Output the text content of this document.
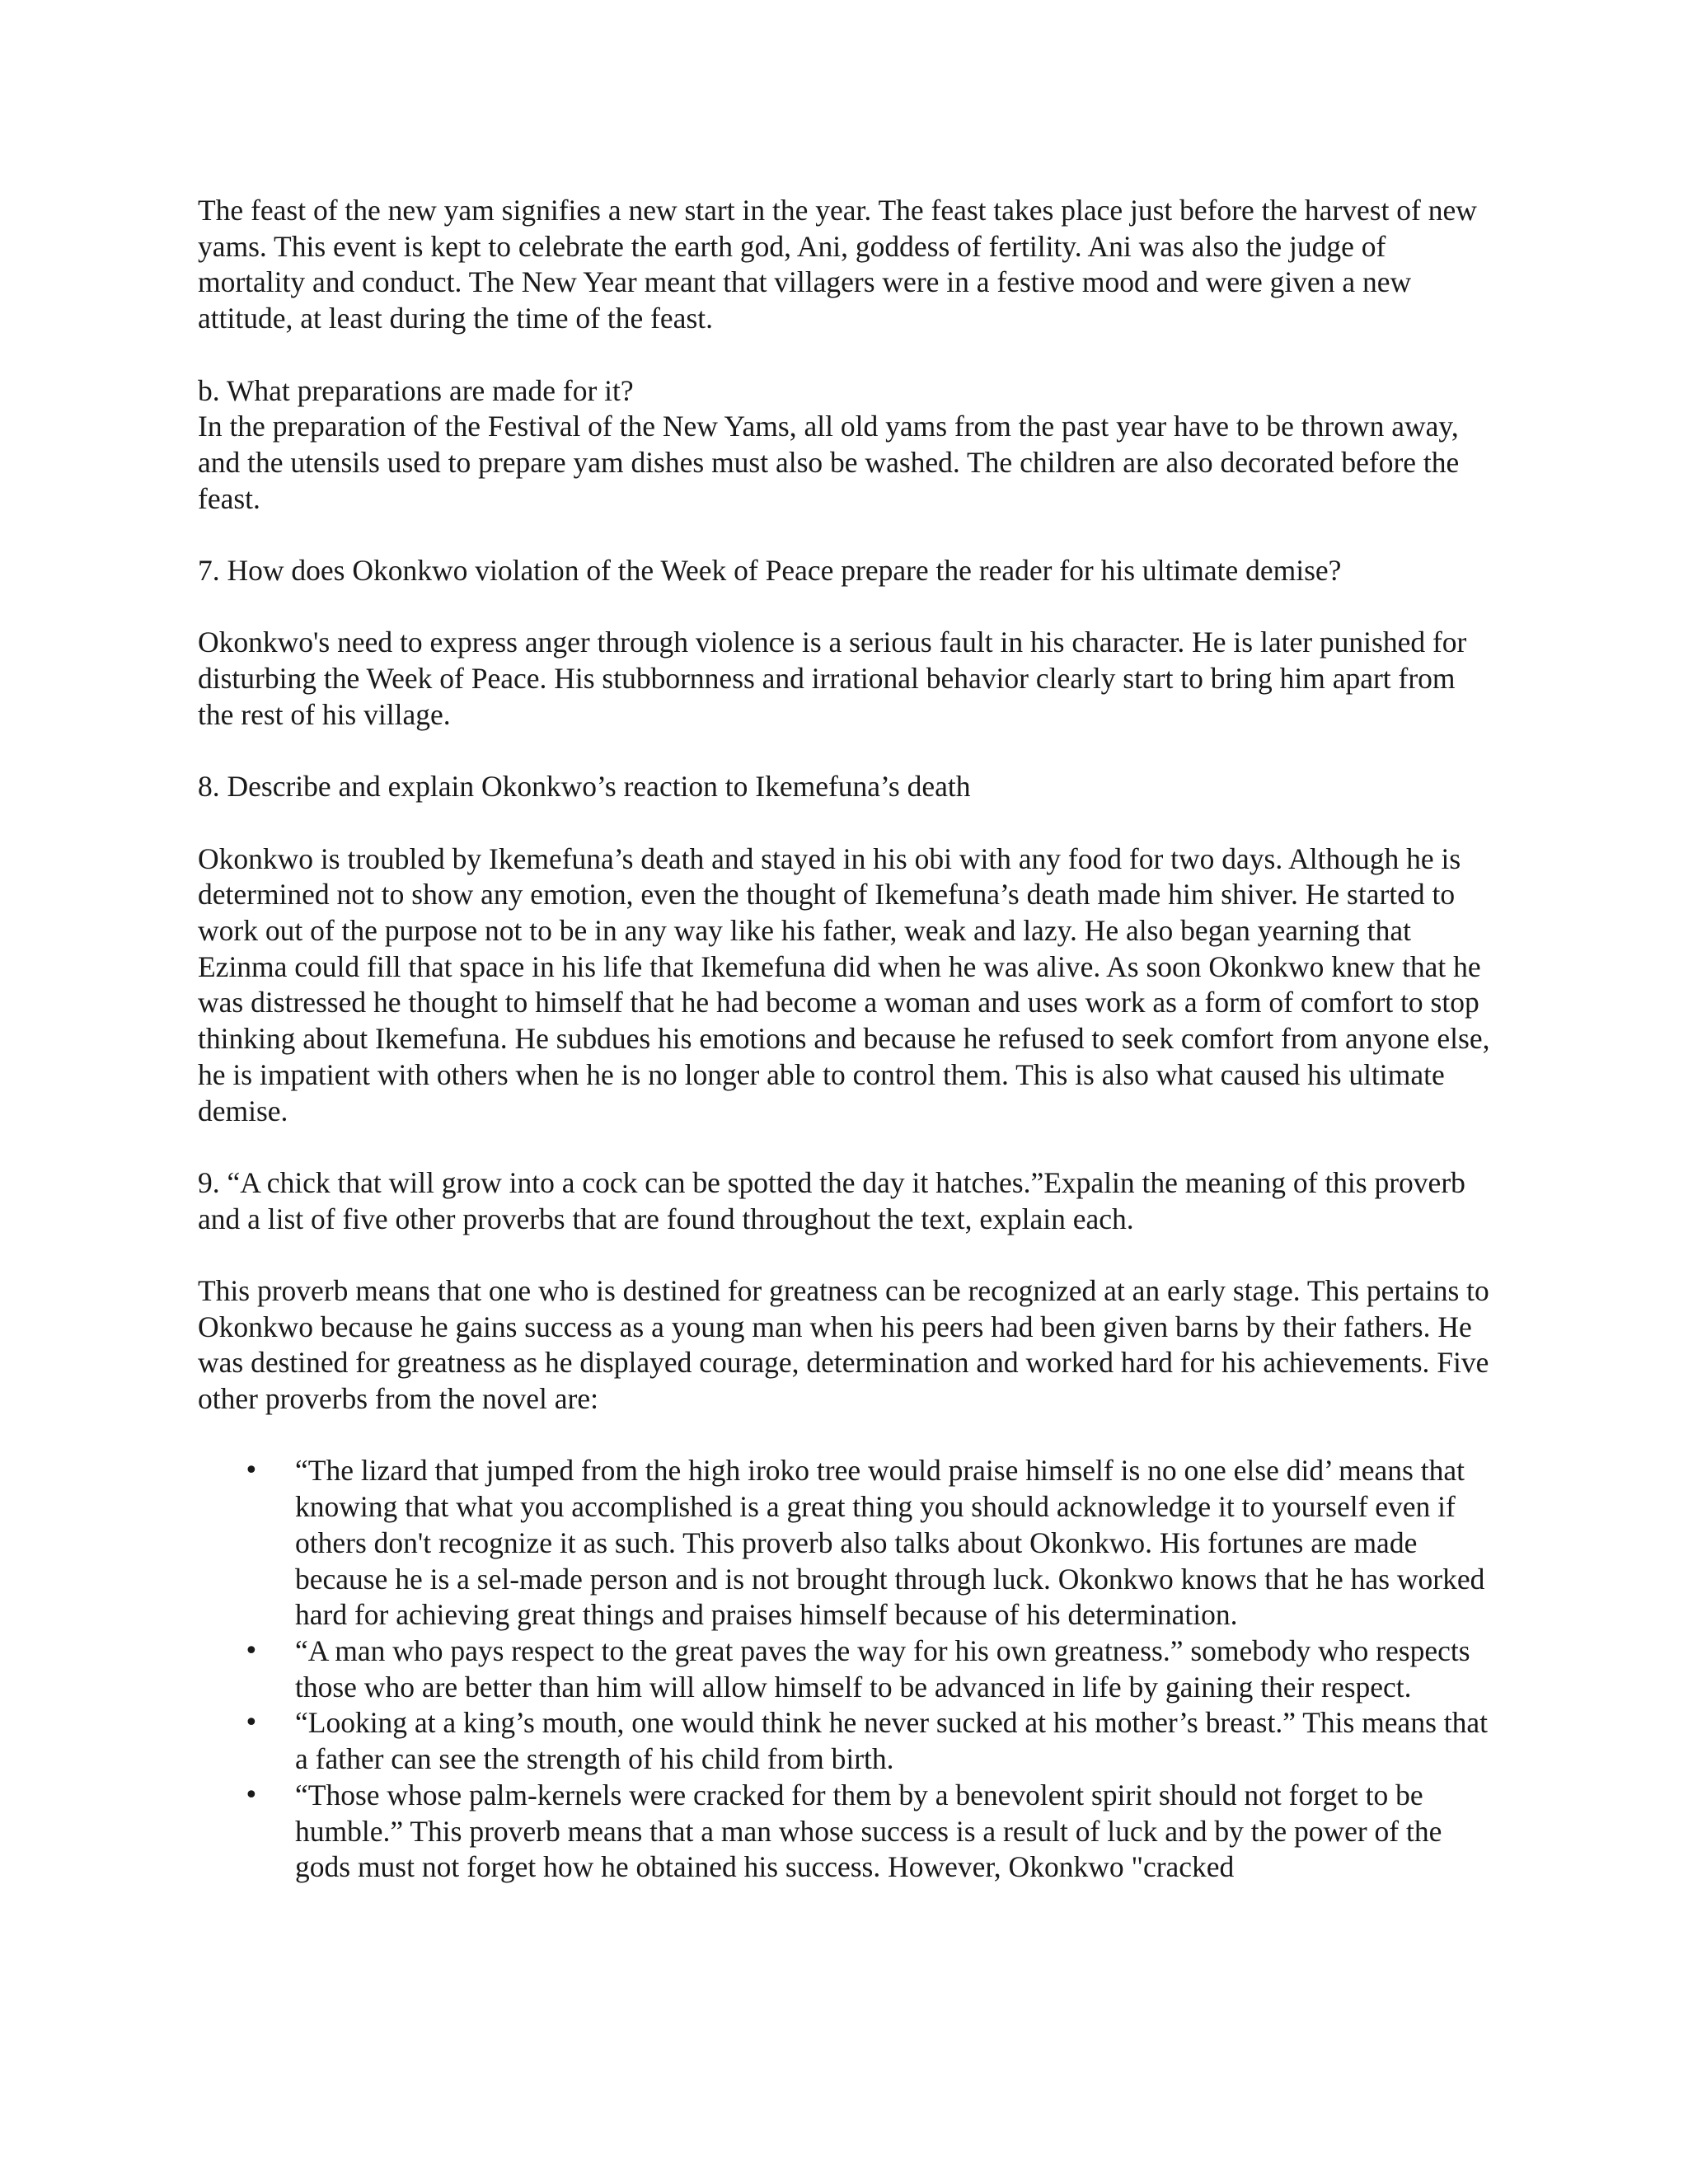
The feast of the new yam signifies a new start in the year. The feast takes place just before the harvest of new yams. This event is kept to celebrate the earth god, Ani, goddess of fertility. Ani was also the judge of mortality and conduct. The New Year meant that villagers were in a festive mood and were given a new attitude, at least during the time of the feast.

b. What preparations are made for it?

In the preparation of the Festival of the New Yams, all old yams from the past year have to be thrown away, and the utensils used to prepare yam dishes must also be washed. The children are also decorated before the feast.

7. How does Okonkwo violation of the Week of Peace prepare the reader for his ultimate demise?

Okonkwo's need to express anger through violence is a serious fault in his character. He is later punished for disturbing the Week of Peace. His stubbornness and irrational behavior clearly start to bring him apart from the rest of his village.

8. Describe and explain Okonkwo’s reaction to Ikemefuna’s death

Okonkwo is troubled by Ikemefuna’s death and stayed in his obi with any food for two days. Although he is determined not to show any emotion, even the thought of Ikemefuna’s death made him shiver. He started to work out of the purpose not to be in any way like his father, weak and lazy. He also began yearning that Ezinma could fill that space in his life that Ikemefuna did when he was alive. As soon Okonkwo knew that he was distressed he thought to himself that he had become a woman and uses work as a form of comfort to stop thinking about Ikemefuna. He subdues his emotions and because he refused to seek comfort from anyone else, he is impatient with others when he is no longer able to control them. This is also what caused his ultimate demise.

9. “A chick that will grow into a cock can be spotted the day it hatches.”Expalin the meaning of this proverb and a list of five other proverbs that are found throughout the text, explain each.

This proverb means that one who is destined for greatness can be recognized at an early stage. This pertains to Okonkwo because he gains success as a young man when his peers had been given barns by their fathers. He was destined for greatness as he displayed courage, determination and worked hard for his achievements. Five other proverbs from the novel are:

• “The lizard that jumped from the high iroko tree would praise himself is no one else did’ means that knowing that what you accomplished is a great thing you should acknowledge it to yourself even if others don't recognize it as such. This proverb also talks about Okonkwo. His fortunes are made because he is a sel-made person and is not brought through luck. Okonkwo knows that he has worked hard for achieving great things and praises himself because of his determination.
• “A man who pays respect to the great paves the way for his own greatness.” somebody who respects those who are better than him will allow himself to be advanced in life by gaining their respect.
• “Looking at a king’s mouth, one would think he never sucked at his mother’s breast.” This means that a father can see the strength of his child from birth.
• “Those whose palm-kernels were cracked for them by a benevolent spirit should not forget to be humble.” This proverb means that a man whose success is a result of luck and by the power of the gods must not forget how he obtained his success. However, Okonkwo "cracked
